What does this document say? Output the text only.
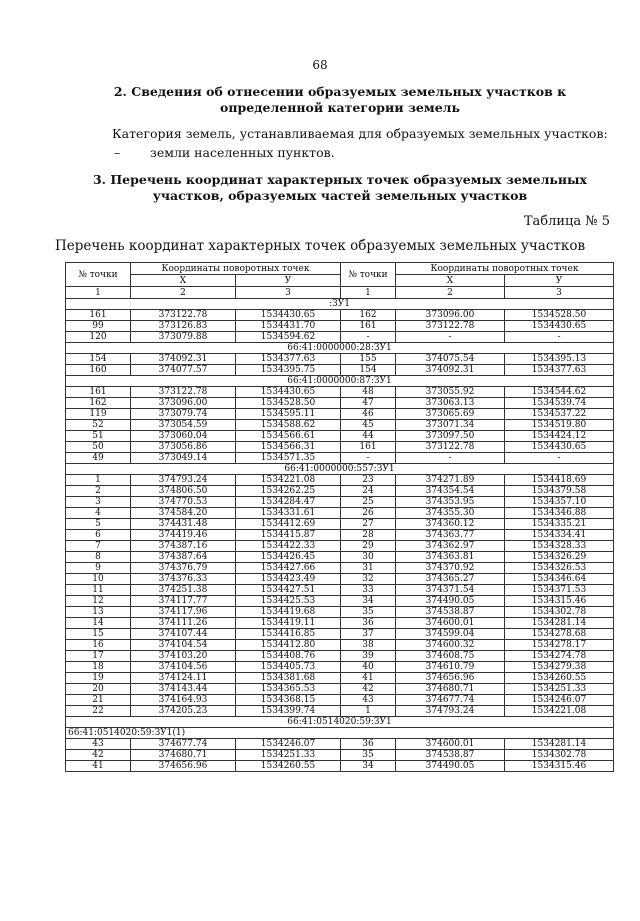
68
2. Сведения об отнесении образуемых земельных участков к определенной категории земель
Категория земель, устанавливаемая для образуемых земельных участков:
– земли населенных пунктов.
3. Перечень координат характерных точек образуемых земельных участков, образуемых частей земельных участков
Таблица № 5
Перечень координат характерных точек образуемых земельных участков
№ точки	Координаты поворотных точек		№ точки	Координаты поворотных точек	
	X	У		X	У
1	2	3	1	2	3
:ЗУ1					
161	373122.78	1534430.65	162	373096.00	1534528.50
99	373126.83	1534431.70	161	373122.78	1534430.65
120	373079.88	1534594.62	-	-	-
66:41:0000000:28:ЗУ1					
154	374092.31	1534377.63	155	374075.54	1534395.13
160	374077.57	1534395.75	154	374092.31	1534377.63
66:41:0000000:87:ЗУ1					
161	373122.78	1534430.65	48	373055.92	1534544.62
162	373096.00	1534528.50	47	373063.13	1534539.74
119	373079.74	1534595.11	46	373065.69	1534537.22
52	373054.59	1534588.62	45	373071.34	1534519.80
51	373060.04	1534566.61	44	373097.50	1534424.12
50	373056.86	1534566.31	161	373122.78	1534430.65
49	373049.14	1534571.35	-	-	-
66:41:0000000:557:ЗУ1					
1	374793.24	1534221.08	23	374271.89	1534418.69
2	374806.50	1534262.25	24	374354.54	1534379.58
3	374770.53	1534284.47	25	374353.95	1534357.10
4	374584.20	1534331.61	26	374355.30	1534346.88
5	374431.48	1534412.69	27	374360.12	1534335.21
6	374419.46	1534415.87	28	374363.77	1534334.41
7	374387.16	1534422.33	29	374362.97	1534328.33
8	374387.64	1534426.45	30	374363.81	1534326.29
9	374376.79	1534427.66	31	374370.92	1534326.53
10	374376.33	1534423.49	32	374365.27	1534346.64
11	374251.38	1534427.51	33	374371.54	1534371.53
12	374117.77	1534425.53	34	374490.05	1534315.46
13	374117.96	1534419.68	35	374538.87	1534302.78
14	374111.26	1534419.11	36	374600.01	1534281.14
15	374107.44	1534416.85	37	374599.04	1534278.68
16	374104.54	1534412.80	38	374600.32	1534278.17
17	374103.20	1534408.76	39	374608.75	1534274.78
18	374104.56	1534405.73	40	374610.79	1534279.38
19	374124.11	1534381.68	41	374656.96	1534260.55
20	374143.44	1534365.53	42	374680.71	1534251.33
21	374164.93	1534368.15	43	374677.74	1534246.07
22	374205.23	1534399.74	1	374793.24	1534221.08
66:41:0514020:59:ЗУ1					
66:41:0514020:59:ЗУ1(1)					
43	374677.74	1534246.07	36	374600.01	1534281.14
42	374680.71	1534251.33	35	374538.87	1534302.78
41	374656.96	1534260.55	34	374490.05	1534315.46
